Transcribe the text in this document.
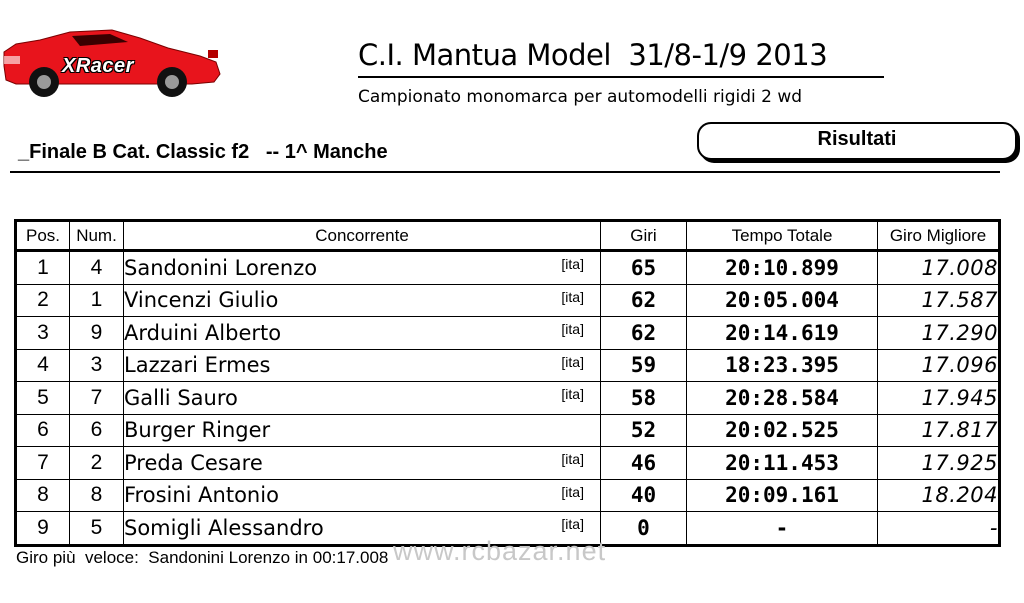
XRacer	C.I. Mantua Model  31/8-1/9 2013
Campionato monomarca per automodelli rigidi 2 wd
_Finale B Cat. Classic f2   -- 1^ Manche
Risultati
Pos.	Num.	Concorrente	Giri	Tempo Totale	Giro Migliore
1	4	Sandonini Lorenzo [ita]	65	20:10.899	17.008
2	1	Vincenzi Giulio [ita]	62	20:05.004	17.587
3	9	Arduini Alberto [ita]	62	20:14.619	17.290
4	3	Lazzari Ermes [ita]	59	18:23.395	17.096
5	7	Galli Sauro [ita]	58	20:28.584	17.945
6	6	Burger Ringer	52	20:02.525	17.817
7	2	Preda Cesare [ita]	46	20:11.453	17.925
8	8	Frosini Antonio [ita]	40	20:09.161	18.204
9	5	Somigli Alessandro [ita]	0	-	-
Giro più  veloce:  Sandonini Lorenzo in 00:17.008 www.rcbazar.net
